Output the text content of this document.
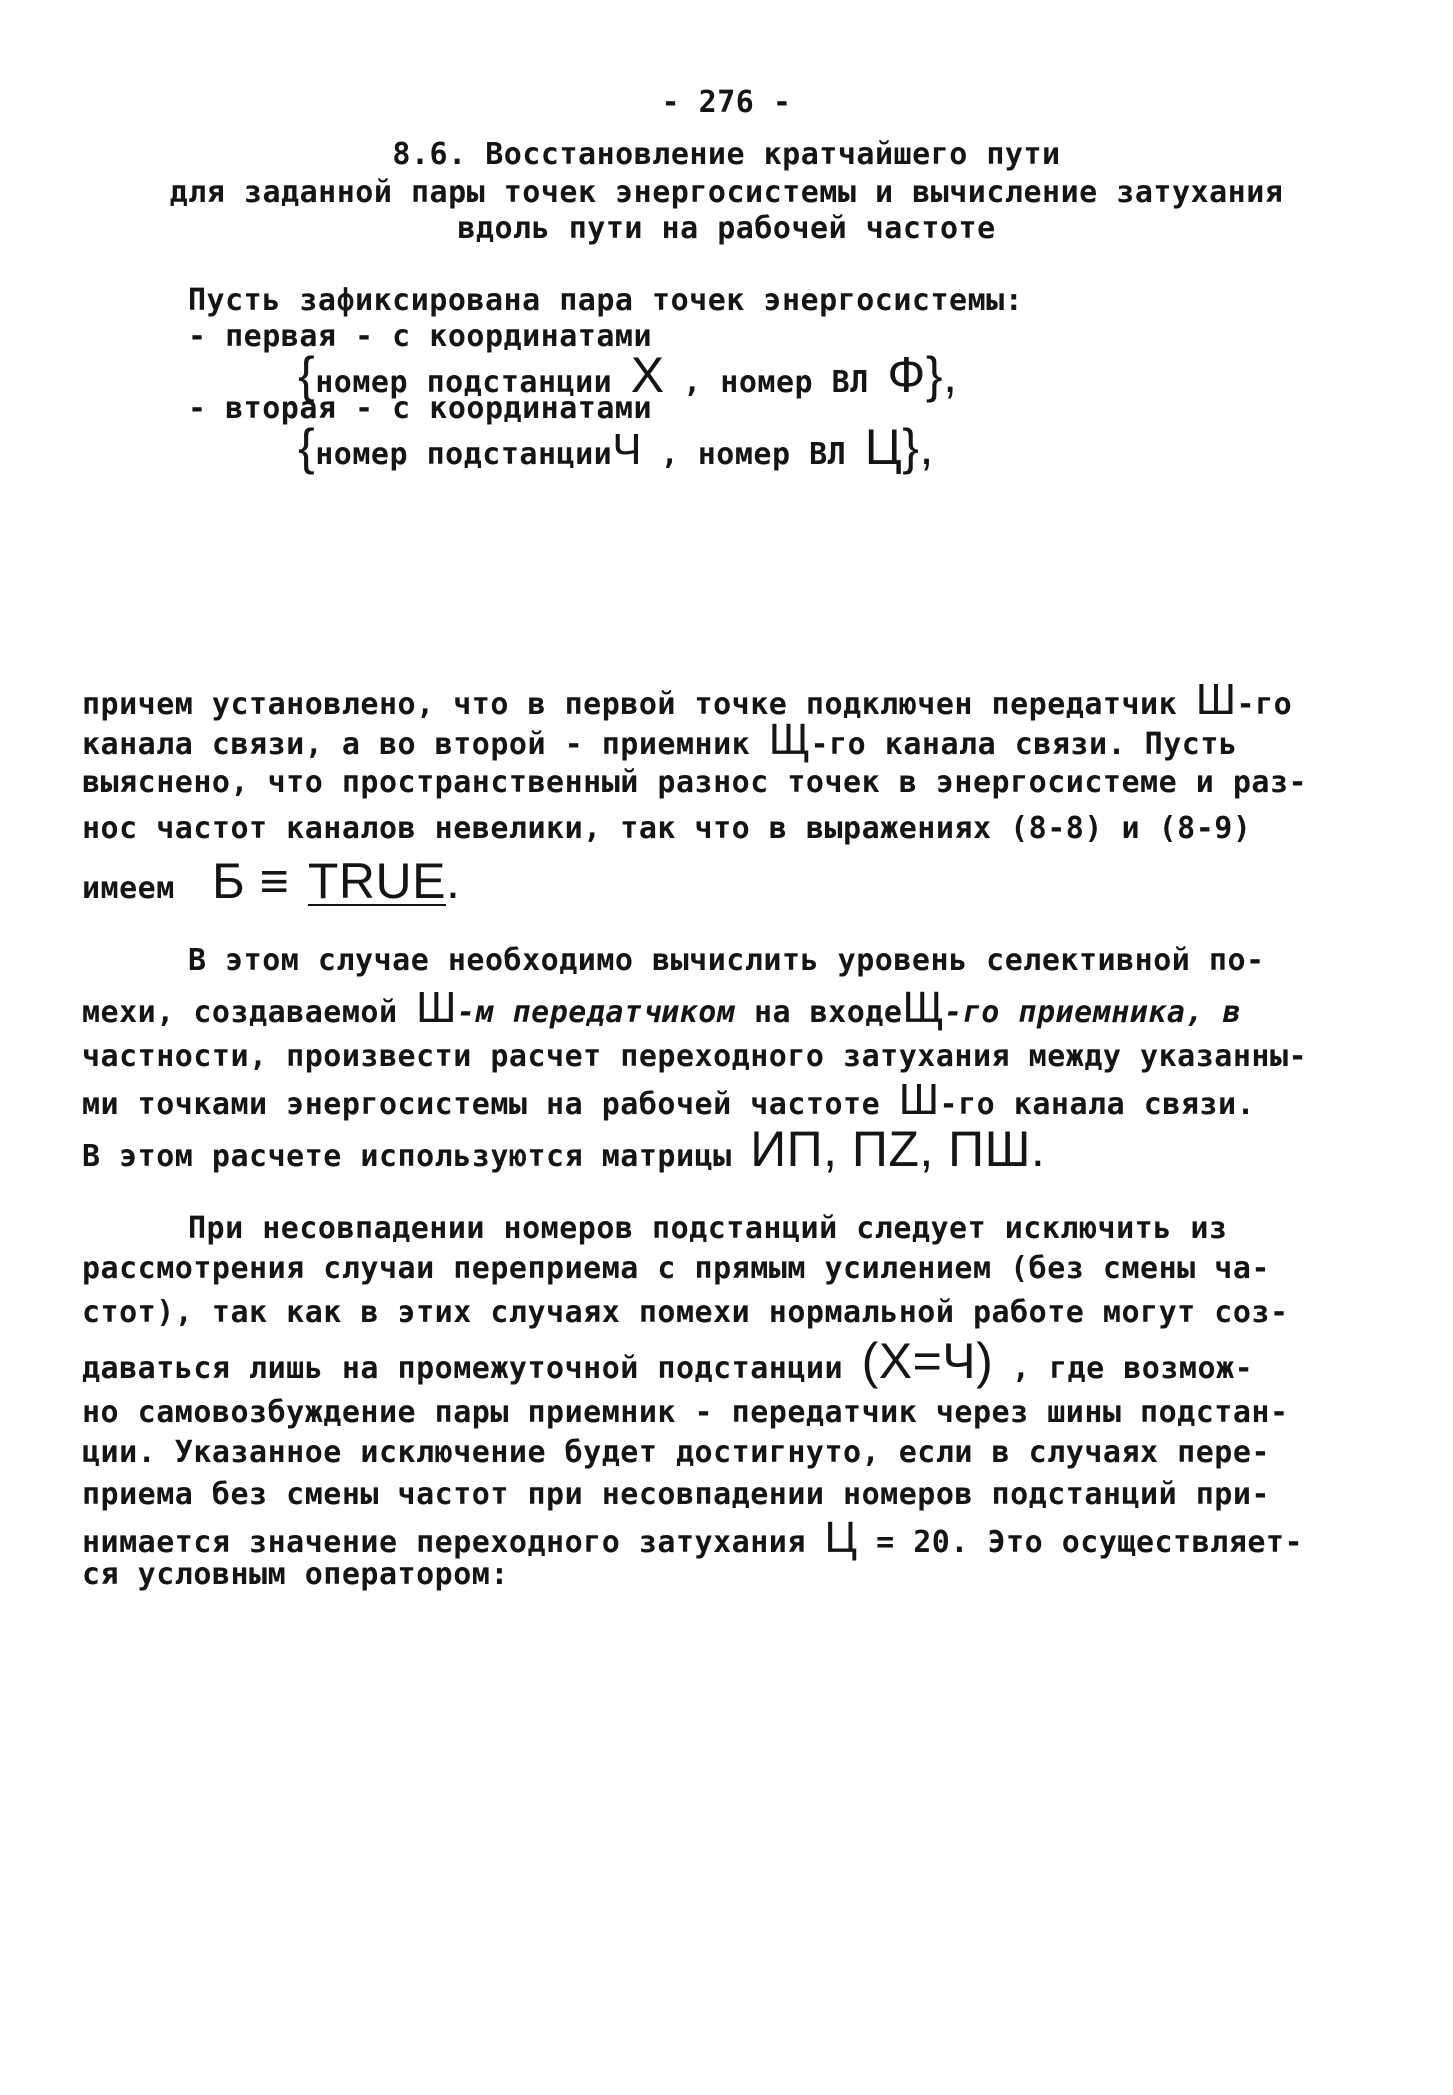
- 276 -
8.6. Восстановление кратчайшего пути
для заданной пары точек энергосистемы и вычисление затухания
вдоль пути на рабочей частоте
Пусть зафиксирована пара точек энергосистемы:
- первая - с координатами
{номер подстанции Х , номер ВЛ Ф},
- вторая - с координатами
{номер подстанцииЧ , номер ВЛ Ц},
причем установлено, что в первой точке подключен передатчик Ш-го
канала связи, а во второй - приемник Щ-го канала связи. Пусть
выяснено, что пространственный разнос точек в энергосистеме и раз-
нос частот каналов невелики, так что в выражениях (8-8) и (8-9)
имеем Б ≡ TRUE.
В этом случае необходимо вычислить уровень селективной по-
мехи, создаваемой Ш-м передатчиком на входеЩ-го приемника, в
частности, произвести расчет переходного затухания между указанны-
ми точками энергосистемы на рабочей частоте Ш-го канала связи.
В этом расчете используются матрицы ИП, ПZ, ПШ.
При несовпадении номеров подстанций следует исключить из
рассмотрения случаи переприема с прямым усилением (без смены ча-
стот), так как в этих случаях помехи нормальной работе могут соз-
даваться лишь на промежуточной подстанции (Х=Ч) , где возмож-
но самовозбуждение пары приемник - передатчик через шины подстан-
ции. Указанное исключение будет достигнуто, если в случаях пере-
приема без смены частот при несовпадении номеров подстанций при-
нимается значение переходного затухания Ц = 20. Это осуществляет-
ся условным оператором:
